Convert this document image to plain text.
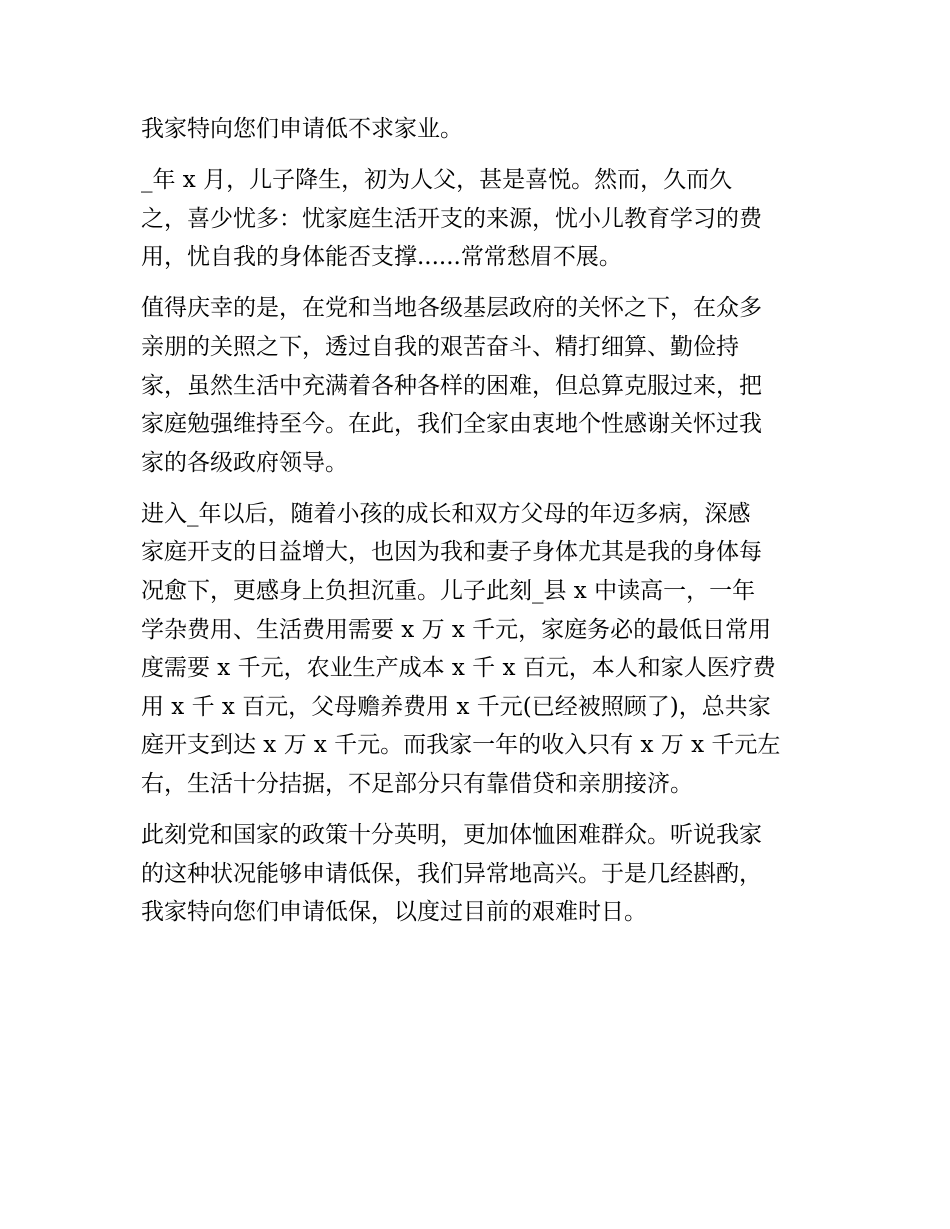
我家特向您们申请低不求家业。
_年 x 月，儿子降生，初为人父，甚是喜悦。然而，久而久
之，喜少忧多：忧家庭生活开支的来源，忧小儿教育学习的费
用，忧自我的身体能否支撑......常常愁眉不展。
值得庆幸的是，在党和当地各级基层政府的关怀之下，在众多
亲朋的关照之下，透过自我的艰苦奋斗、精打细算、勤俭持
家，虽然生活中充满着各种各样的困难，但总算克服过来，把
家庭勉强维持至今。在此，我们全家由衷地个性感谢关怀过我
家的各级政府领导。
进入_年以后，随着小孩的成长和双方父母的年迈多病，深感
家庭开支的日益增大，也因为我和妻子身体尤其是我的身体每
况愈下，更感身上负担沉重。儿子此刻_县 x 中读高一，一年
学杂费用、生活费用需要 x 万 x 千元，家庭务必的最低日常用
度需要 x 千元，农业生产成本 x 千 x 百元，本人和家人医疗费
用 x 千 x 百元，父母赡养费用 x 千元(已经被照顾了)，总共家
庭开支到达 x 万 x 千元。而我家一年的收入只有 x 万 x 千元左
右，生活十分拮据，不足部分只有靠借贷和亲朋接济。
此刻党和国家的政策十分英明，更加体恤困难群众。听说我家
的这种状况能够申请低保，我们异常地高兴。于是几经斟酌，
我家特向您们申请低保，以度过目前的艰难时日。
